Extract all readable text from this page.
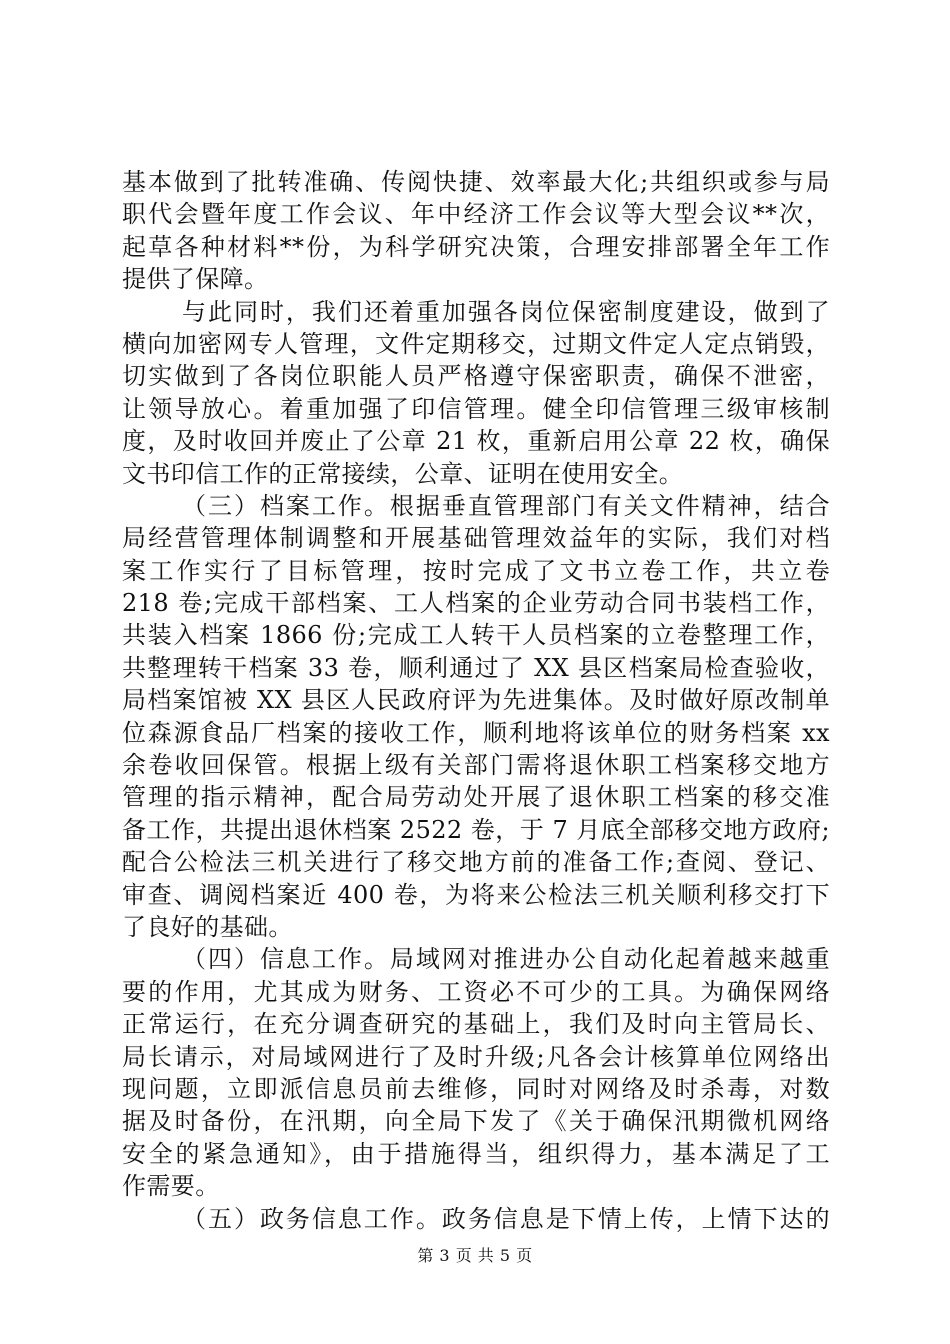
基本做到了批转准确、传阅快捷、效率最大化;共组织或参与局
职代会暨年度工作会议、年中经济工作会议等大型会议**次，
起草各种材料**份，为科学研究决策，合理安排部署全年工作
提供了保障。
与此同时，我们还着重加强各岗位保密制度建设，做到了
横向加密网专人管理，文件定期移交，过期文件定人定点销毁，
切实做到了各岗位职能人员严格遵守保密职责，确保不泄密，
让领导放心。着重加强了印信管理。健全印信管理三级审核制
度，及时收回并废止了公章 21 枚，重新启用公章 22 枚，确保
文书印信工作的正常接续，公章、证明在使用安全。
（三）档案工作。根据垂直管理部门有关文件精神，结合
局经营管理体制调整和开展基础管理效益年的实际，我们对档
案工作实行了目标管理，按时完成了文书立卷工作，共立卷
218 卷;完成干部档案、工人档案的企业劳动合同书装档工作，
共装入档案 1866 份;完成工人转干人员档案的立卷整理工作，
共整理转干档案 33 卷，顺利通过了 XX 县区档案局检查验收，
局档案馆被 XX 县区人民政府评为先进集体。及时做好原改制单
位森源食品厂档案的接收工作，顺利地将该单位的财务档案 xx
余卷收回保管。根据上级有关部门需将退休职工档案移交地方
管理的指示精神，配合局劳动处开展了退休职工档案的移交准
备工作，共提出退休档案 2522 卷，于 7 月底全部移交地方政府;
配合公检法三机关进行了移交地方前的准备工作;查阅、登记、
审查、调阅档案近 400 卷，为将来公检法三机关顺利移交打下
了良好的基础。
（四）信息工作。局域网对推进办公自动化起着越来越重
要的作用，尤其成为财务、工资必不可少的工具。为确保网络
正常运行，在充分调查研究的基础上，我们及时向主管局长、
局长请示，对局域网进行了及时升级;凡各会计核算单位网络出
现问题，立即派信息员前去维修，同时对网络及时杀毒，对数
据及时备份，在汛期，向全局下发了《关于确保汛期微机网络
安全的紧急通知》，由于措施得当，组织得力，基本满足了工
作需要。
（五）政务信息工作。政务信息是下情上传，上情下达的
第 3 页 共 5 页
